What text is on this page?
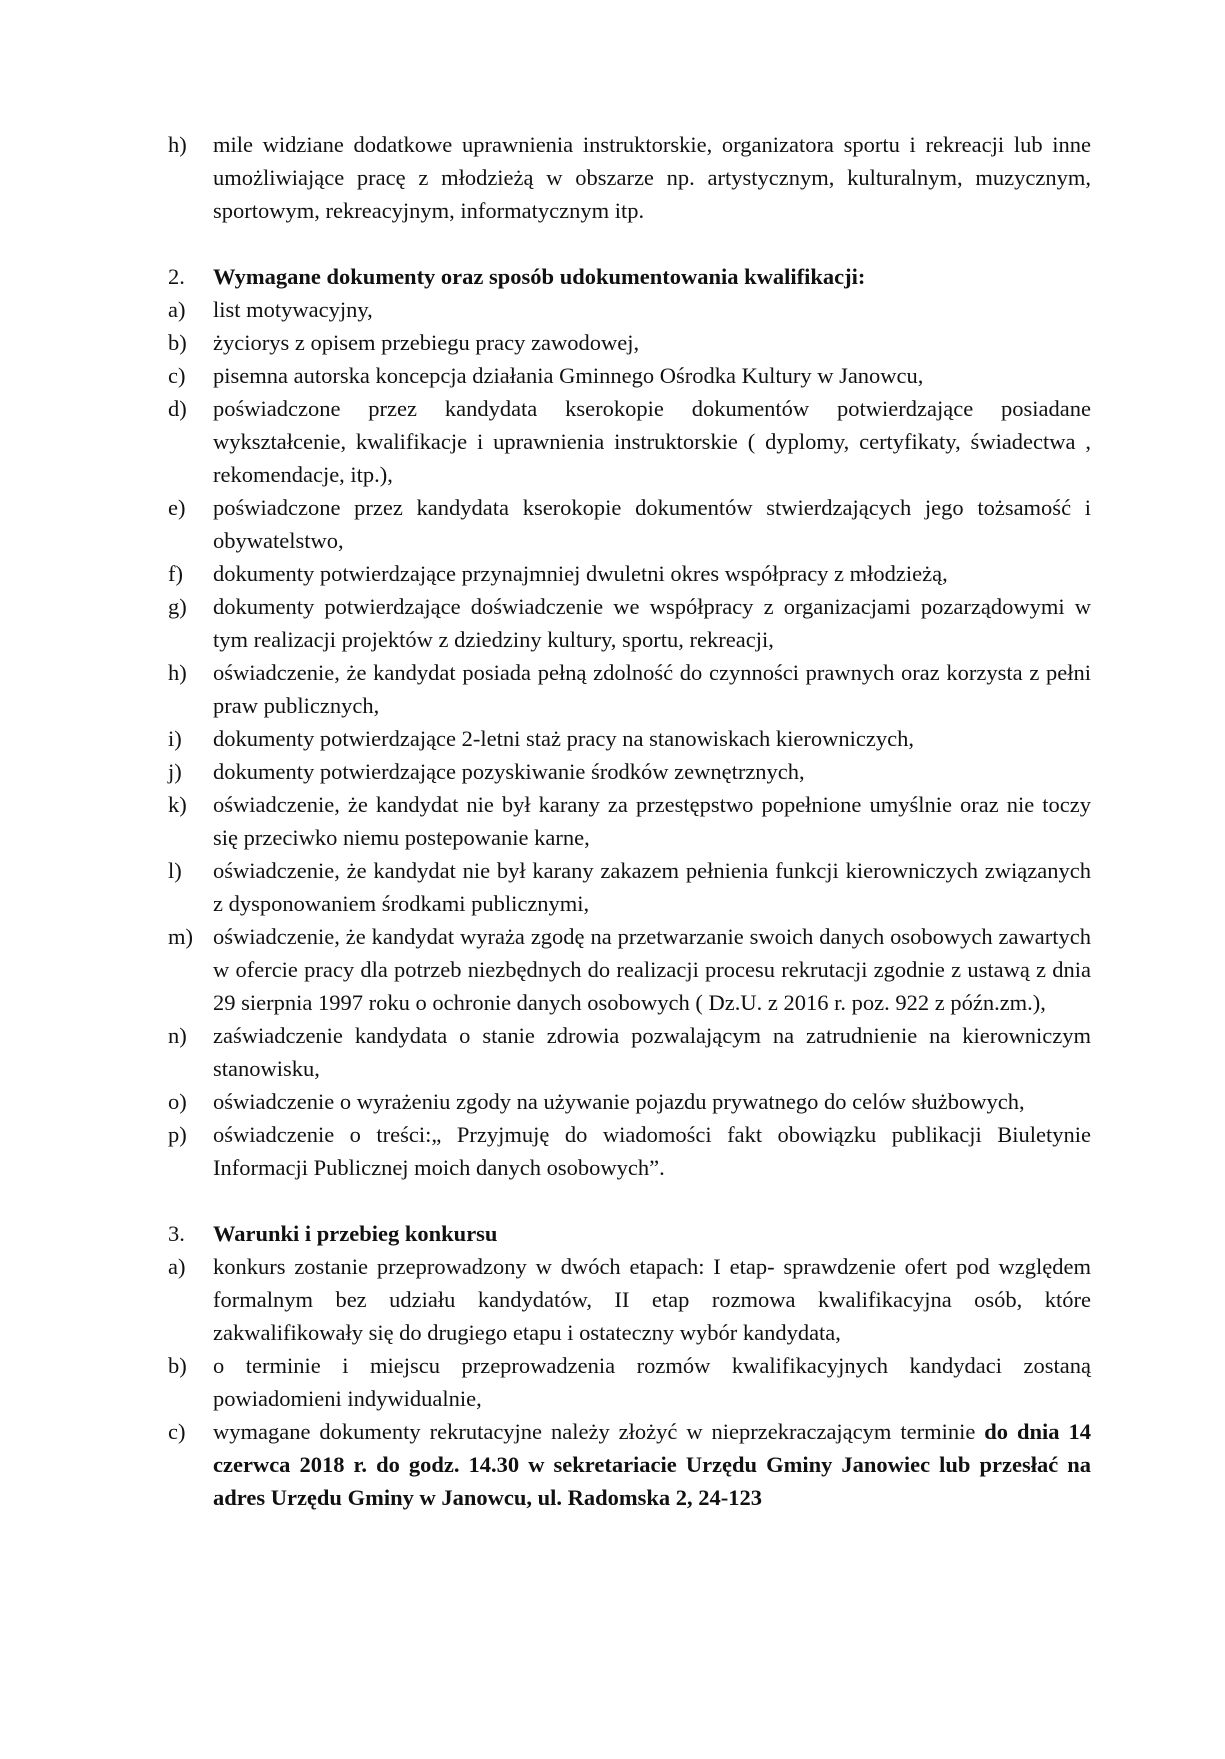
h) mile widziane dodatkowe uprawnienia instruktorskie, organizatora sportu i rekreacji lub inne umożliwiające pracę z młodzieżą w obszarze np. artystycznym, kulturalnym, muzycznym, sportowym, rekreacyjnym, informatycznym itp.
2. Wymagane dokumenty oraz sposób udokumentowania kwalifikacji:
a) list motywacyjny,
b) życiorys z opisem przebiegu pracy zawodowej,
c) pisemna autorska koncepcja działania Gminnego Ośrodka Kultury w Janowcu,
d) poświadczone przez kandydata kserokopie dokumentów potwierdzające posiadane wykształcenie, kwalifikacje i uprawnienia instruktorskie ( dyplomy, certyfikaty, świadectwa , rekomendacje, itp.),
e) poświadczone przez kandydata kserokopie dokumentów stwierdzających jego tożsamość i obywatelstwo,
f) dokumenty potwierdzające przynajmniej dwuletni okres współpracy z młodzieżą,
g) dokumenty potwierdzające doświadczenie we współpracy z organizacjami pozarządowymi w tym realizacji projektów z dziedziny kultury, sportu, rekreacji,
h) oświadczenie, że kandydat posiada pełną zdolność do czynności prawnych oraz korzysta z pełni praw publicznych,
i) dokumenty potwierdzające 2-letni staż pracy na stanowiskach kierowniczych,
j) dokumenty potwierdzające pozyskiwanie środków zewnętrznych,
k) oświadczenie, że kandydat nie był karany za przestępstwo popełnione umyślnie oraz nie toczy się przeciwko niemu postepowanie karne,
l) oświadczenie, że kandydat nie był karany zakazem pełnienia funkcji kierowniczych związanych z dysponowaniem środkami publicznymi,
m) oświadczenie, że kandydat wyraża zgodę na przetwarzanie swoich danych osobowych zawartych w ofercie pracy dla potrzeb niezbędnych do realizacji procesu rekrutacji zgodnie z ustawą z dnia 29 sierpnia 1997 roku o ochronie danych osobowych ( Dz.U. z 2016 r. poz. 922 z późn.zm.),
n) zaświadczenie kandydata o stanie zdrowia pozwalającym na zatrudnienie na kierowniczym stanowisku,
o) oświadczenie o wyrażeniu zgody na używanie pojazdu prywatnego do celów służbowych,
p) oświadczenie o treści:„ Przyjmuję do wiadomości fakt obowiązku publikacji Biuletynie Informacji Publicznej moich danych osobowych”.
3. Warunki i przebieg konkursu
a) konkurs zostanie przeprowadzony w dwóch etapach: I etap- sprawdzenie ofert pod względem formalnym bez udziału kandydatów, II etap rozmowa kwalifikacyjna osób, które zakwalifikowały się do drugiego etapu i ostateczny wybór kandydata,
b) o terminie i miejscu przeprowadzenia rozmów kwalifikacyjnych kandydaci zostaną powiadomieni indywidualnie,
c) wymagane dokumenty rekrutacyjne należy złożyć w nieprzekraczającym terminie do dnia 14 czerwca 2018 r. do godz. 14.30 w sekretariacie Urzędu Gminy Janowiec lub przesłać na adres Urzędu Gminy w Janowcu, ul. Radomska 2, 24-123
